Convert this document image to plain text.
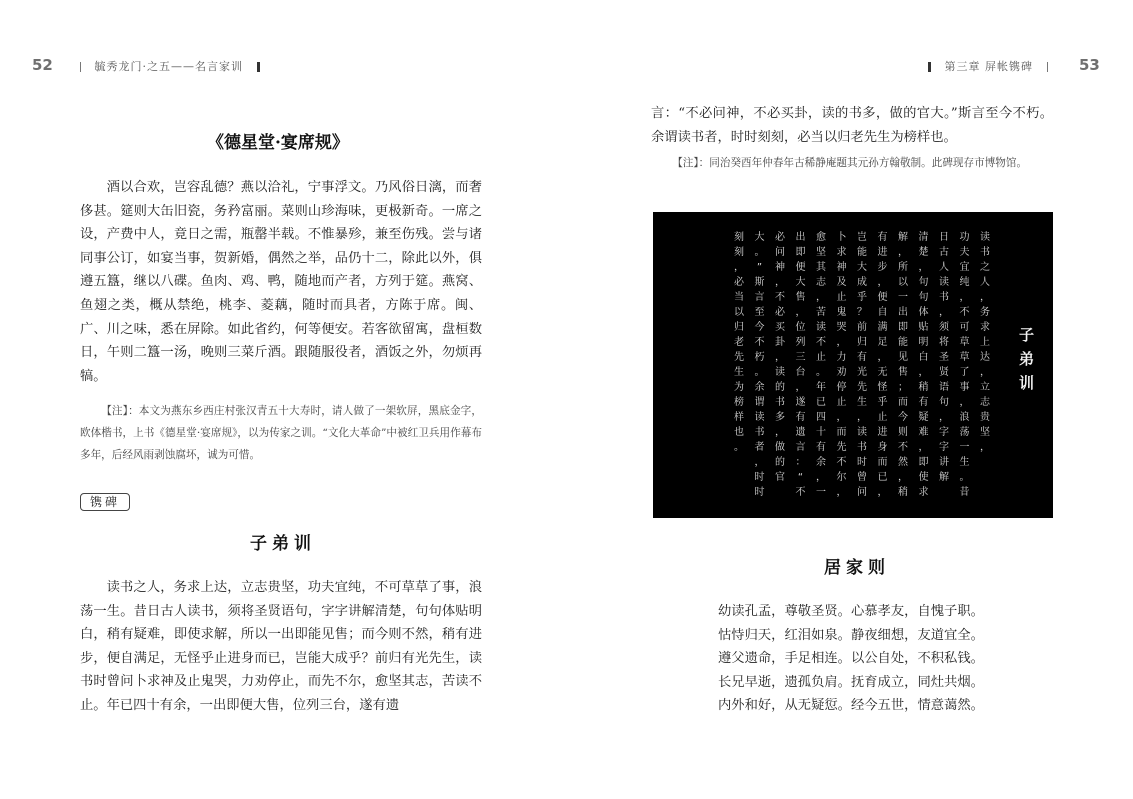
52	毓秀龙门·之五——名言家训
《德星堂·宴席规》

酒以合欢，岂容乱德？燕以洽礼，宁事浮文。乃风俗日漓，而奢侈甚。筵则大缶旧瓷，务矜富丽。菜则山珍海味，更极新奇。一席之设，产费中人，竟日之需，瓶罄半载。不惟暴殄，兼至伤残。尝与诸同事公订，如宴当事，贺新婚，偶然之举，品仍十二，除此以外，俱遵五簋，继以八碟。鱼肉、鸡、鸭，随地而产者，方列于筵。燕窝、鱼翅之类，概从禁绝，桃李、菱藕，随时而具者，方陈于席。闽、广、川之味，悉在屏除。如此省约，何等便安。若客欲留寓，盘桓数日，午则二簋一汤，晚则三菜斤酒。跟随服役者，酒饭之外，勿烦再犒。

【注】：本文为燕东乡西庄村张汉青五十大寿时，请人做了一架软屏，黑底金字，欧体楷书，上书《德星堂·宴席规》，以为传家之训。“文化大革命”中被红卫兵用作幕布多年，后经风雨剥蚀腐坏，诚为可惜。

镌碑
子弟训

读书之人，务求上达，立志贵坚，功夫宜纯，不可草草了事，浪荡一生。昔日古人读书，须将圣贤语句，字字讲解清楚，句句体贴明白，稍有疑难，即使求解，所以一出即能见售；而今则不然，稍有进步，便自满足，无怪乎止进身而已，岂能大成乎？前归有光先生，读书时曾问卜求神及止鬼哭，力劝停止，而先不尔，愈坚其志，苦读不止。年已四十有余，一出即便大售，位列三台，遂有遗

第三章 屏帐镌碑	53
言：“不必问神，不必买卦，读的书多，做的官大。”斯言至今不朽。余谓读书者，时时刻刻，必当以归老先生为榜样也。

【注】：同治癸酉年仲春年古稀静庵题其元孙方翰敬制。此碑现存市博物馆。

读书之人，务求上达，立志贵坚，
功夫宜纯，不可草草了事，浪荡一生。昔
日古人读书，须将圣贤语句，字字讲解
清楚，句句体贴明白，稍有疑难，即使求
解，所以一出即能见售；而今则不然，稍
有进步，便自满足，无怪乎止进身而已，
岂能大成乎？前归有光先生，读书时曾问
卜求神及止鬼哭，力劝停止，而先不尔，
愈坚其志，苦读不止。年已四十有余，一
出即便大售，位列三台，遂有遗言：“不
必问神，不必买卦，读的书多，做的官
大。”斯言至今不朽。余谓读书者，时时
刻刻，必当以归老先生为榜样也。
子弟训
居家则
幼读孔孟，尊敬圣贤。心慕孝友，自愧子职。
怙恃归天，红泪如泉。静夜细想，友道宜全。
遵父遗命，手足相连。以公自处，不积私钱。
长兄早逝，遗孤负肩。抚育成立，同灶共烟。
内外和好，从无疑愆。经今五世，情意蔼然。
